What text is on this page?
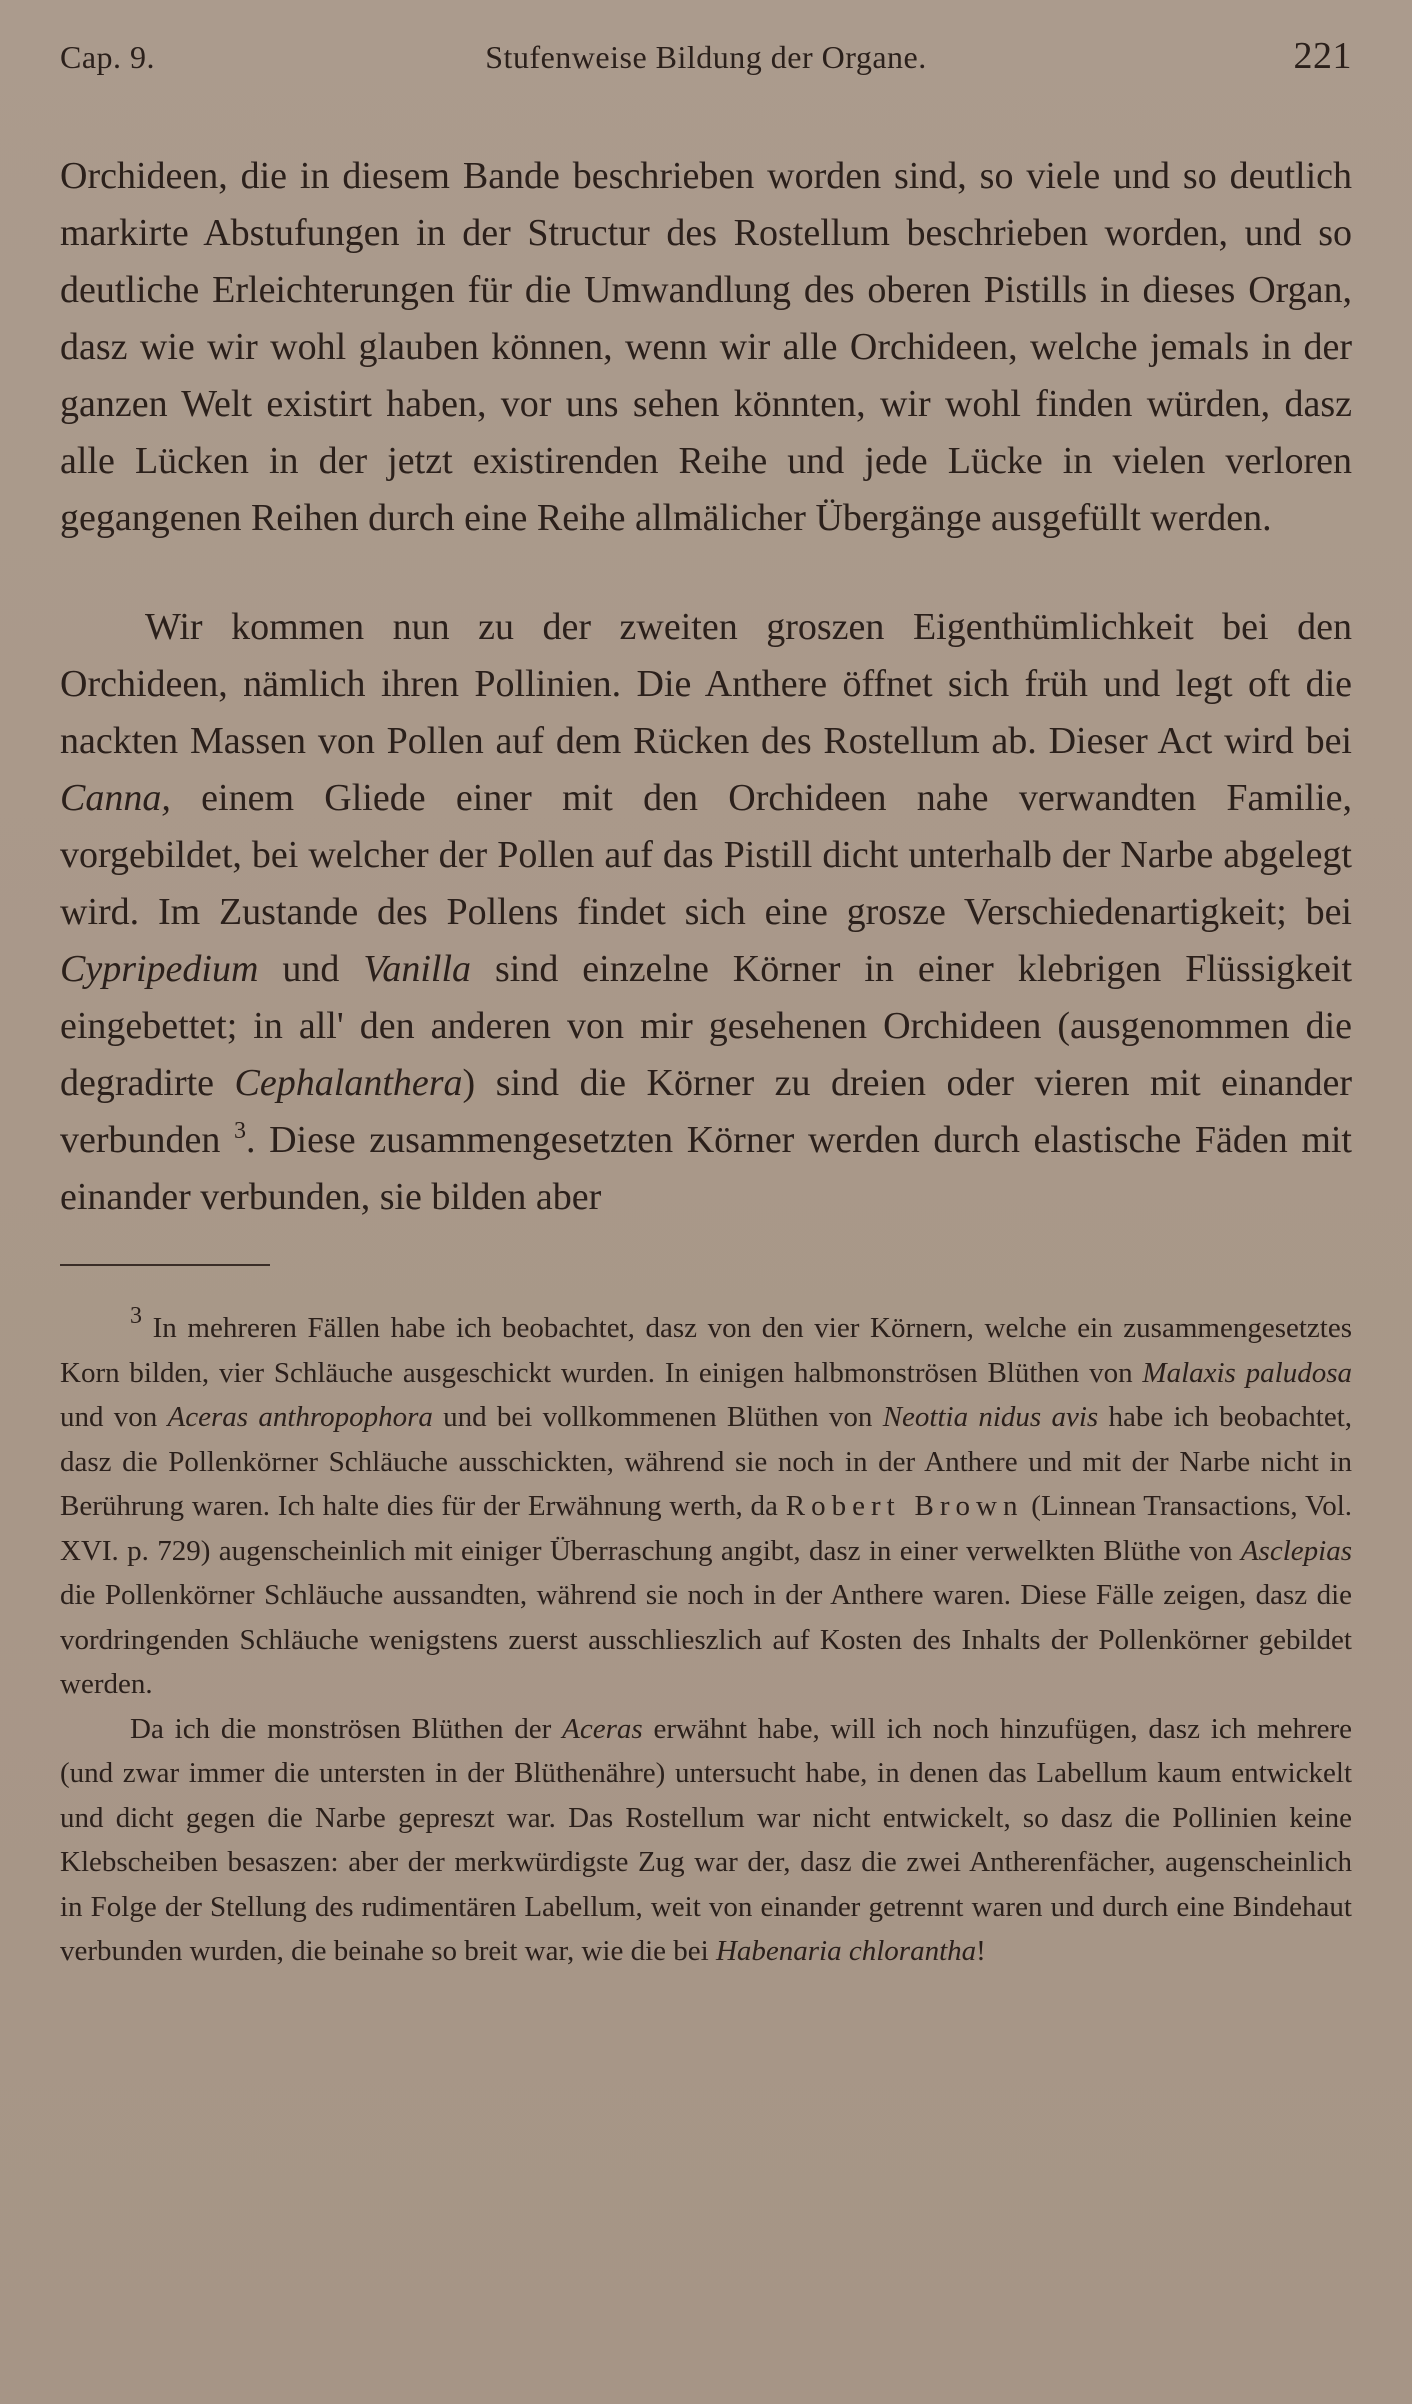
Cap. 9.	Stufenweise Bildung der Organe.	221

Orchideen, die in diesem Bande beschrieben worden sind, so viele und so deutlich markirte Abstufungen in der Structur des Rostellum beschrieben worden, und so deutliche Erleichterungen für die Umwandlung des oberen Pistills in dieses Organ, dasz wie wir wohl glauben können, wenn wir alle Orchideen, welche jemals in der ganzen Welt existirt haben, vor uns sehen könnten, wir wohl finden würden, dasz alle Lücken in der jetzt existirenden Reihe und jede Lücke in vielen verloren gegangenen Reihen durch eine Reihe allmälicher Übergänge ausgefüllt werden.

Wir kommen nun zu der zweiten groszen Eigenthümlichkeit bei den Orchideen, nämlich ihren Pollinien. Die Anthere öffnet sich früh und legt oft die nackten Massen von Pollen auf dem Rücken des Rostellum ab. Dieser Act wird bei Canna, einem Gliede einer mit den Orchideen nahe verwandten Familie, vorgebildet, bei welcher der Pollen auf das Pistill dicht unterhalb der Narbe abgelegt wird. Im Zustande des Pollens findet sich eine grosze Verschiedenartigkeit; bei Cypripedium und Vanilla sind einzelne Körner in einer klebrigen Flüssigkeit eingebettet; in all' den anderen von mir gesehenen Orchideen (ausgenommen die degradirte Cephalanthera) sind die Körner zu dreien oder vieren mit einander verbunden $^3$. Diese zusammengesetzten Körner werden durch elastische Fäden mit einander verbunden, sie bilden aber

$^3$ In mehreren Fällen habe ich beobachtet, dasz von den vier Körnern, welche ein zusammengesetztes Korn bilden, vier Schläuche ausgeschickt wurden. In einigen halbmonströsen Blüthen von Malaxis paludosa und von Aceras anthropophora und bei vollkommenen Blüthen von Neottia nidus avis habe ich beobachtet, dasz die Pollenkörner Schläuche ausschickten, während sie noch in der Anthere und mit der Narbe nicht in Berührung waren. Ich halte dies für der Erwähnung werth, da Robert Brown (Linnean Transactions, Vol. XVI. p. 729) augenscheinlich mit einiger Überraschung angibt, dasz in einer verwelkten Blüthe von Asclepias die Pollenkörner Schläuche aussandten, während sie noch in der Anthere waren. Diese Fälle zeigen, dasz die vordringenden Schläuche wenigstens zuerst ausschlieszlich auf Kosten des Inhalts der Pollenkörner gebildet werden.

Da ich die monströsen Blüthen der Aceras erwähnt habe, will ich noch hinzufügen, dasz ich mehrere (und zwar immer die untersten in der Blüthenähre) untersucht habe, in denen das Labellum kaum entwickelt und dicht gegen die Narbe gepreszt war. Das Rostellum war nicht entwickelt, so dasz die Pollinien keine Klebscheiben besaszen: aber der merkwürdigste Zug war der, dasz die zwei Antherenfächer, augenscheinlich in Folge der Stellung des rudimentären Labellum, weit von einander getrennt waren und durch eine Bindehaut verbunden wurden, die beinahe so breit war, wie die bei Habenaria chlorantha!
